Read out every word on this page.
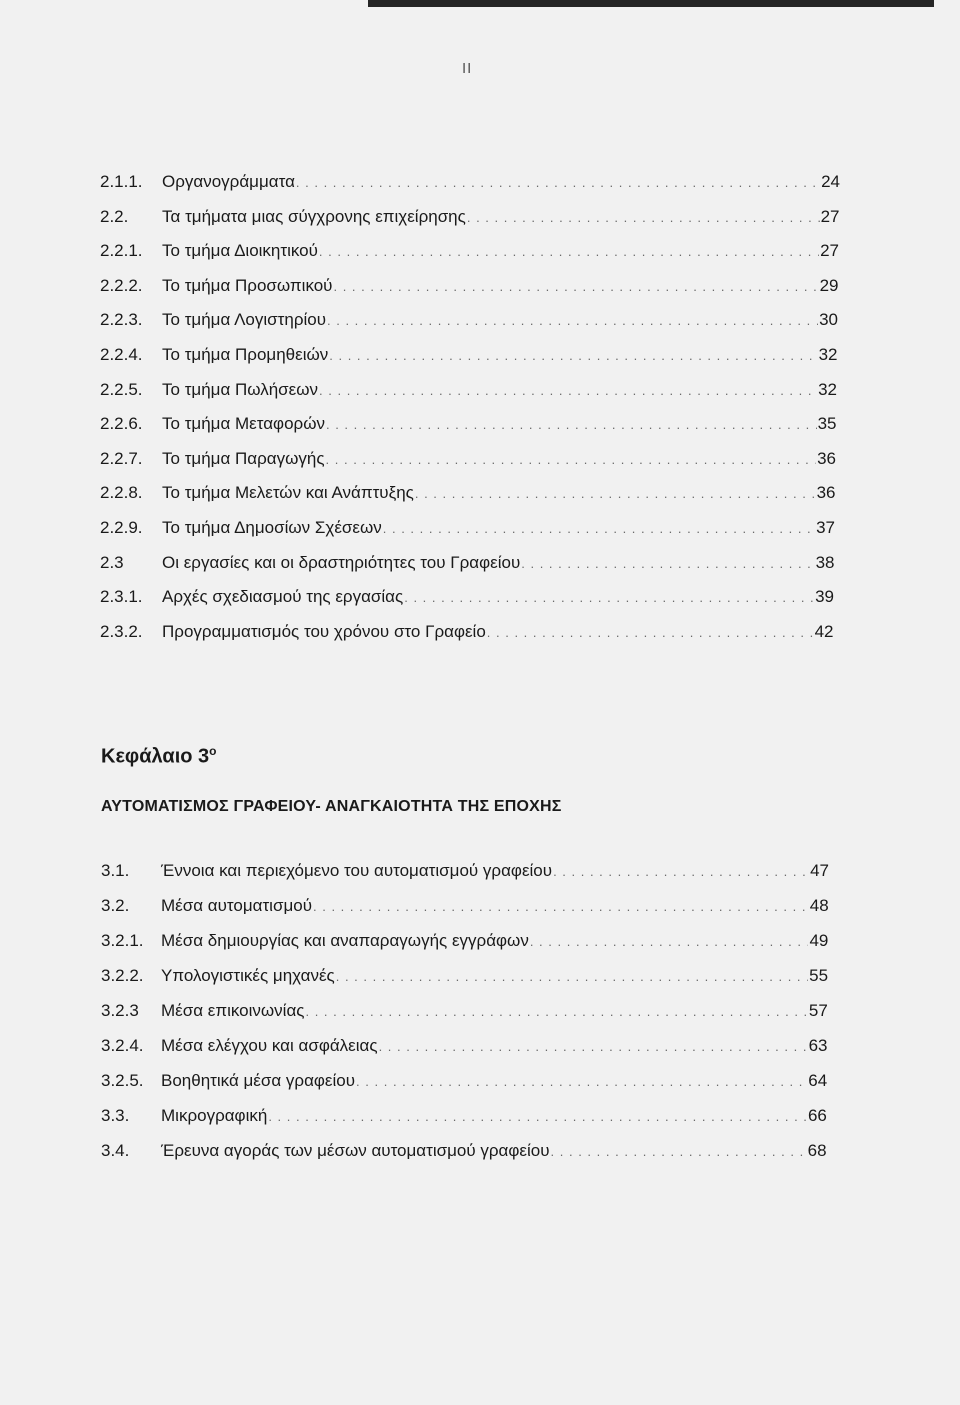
II
2.1.1.	Οργανογράμματα . . .	24
2.2.	Τα τμήματα μιας σύγχρονης επιχείρησης . . .	27
2.2.1.	Το τμήμα Διοικητικού . . .	27
2.2.2.	Το τμήμα Προσωπικού . . .	29
2.2.3.	Το τμήμα Λογιστηρίου . . .	30
2.2.4.	Το τμήμα Προμηθειών . . .	32
2.2.5.	Το τμήμα Πωλήσεων . . .	32
2.2.6.	Το τμήμα Μεταφορών . . .	35
2.2.7.	Το τμήμα Παραγωγής . . .	36
2.2.8.	Το τμήμα Μελετών και Ανάπτυξης . . .	36
2.2.9.	Το τμήμα Δημοσίων Σχέσεων . . .	37
2.3	Οι εργασίες και οι δραστηριότητες του Γραφείου . . .	38
2.3.1.	Αρχές σχεδιασμού της εργασίας . . .	39
2.3.2.	Προγραμματισμός του χρόνου στο Γραφείο . . .	42
Κεφάλαιο $3^o$
ΑΥΤΟΜΑΤΙΣΜΟΣ ΓΡΑΦΕΙΟΥ- ΑΝΑΓΚΑΙΟΤΗΤΑ ΤΗΣ ΕΠΟΧΗΣ
3.1.	Έννοια και περιεχόμενο του αυτοματισμού γραφείου . . .	47
3.2.	Μέσα αυτοματισμού . . .	48
3.2.1.	Μέσα δημιουργίας και αναπαραγωγής εγγράφων . . .	49
3.2.2.	Υπολογιστικές μηχανές . . .	55
3.2.3	Μέσα επικοινωνίας . . .	57
3.2.4.	Μέσα ελέγχου και ασφάλειας . . .	63
3.2.5.	Βοηθητικά μέσα γραφείου . . .	64
3.3.	Μικρογραφική . . .	66
3.4.	Έρευνα αγοράς των μέσων αυτοματισμού γραφείου . . .	68
